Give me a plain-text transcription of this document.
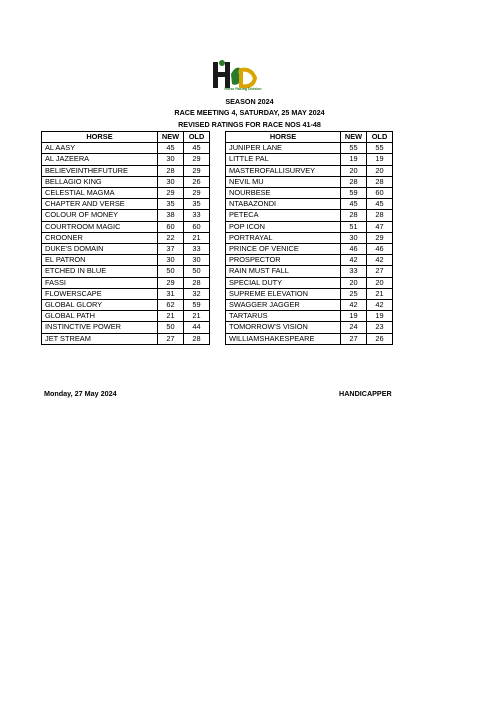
Horse Racing Division
SEASON 2024
RACE MEETING 4, SATURDAY, 25 MAY 2024
REVISED RATINGS FOR RACE NOS 41-48
HORSE	NEW	OLD
AL AASY	45	45
AL JAZEERA	30	29
BELIEVEINTHEFUTURE	28	29
BELLAGIO KING	30	26
CELESTIAL MAGMA	29	29
CHAPTER AND VERSE	35	35
COLOUR OF MONEY	38	33
COURTROOM MAGIC	60	60
CROONER	22	21
DUKE'S DOMAIN	37	33
EL PATRON	30	30
ETCHED IN BLUE	50	50
FASSI	29	28
FLOWERSCAPE	31	32
GLOBAL GLORY	62	59
GLOBAL PATH	21	21
INSTINCTIVE POWER	50	44
JET STREAM	27	28
HORSE	NEW	OLD
JUNIPER LANE	55	55
LITTLE PAL	19	19
MASTEROFALLISURVEY	20	20
NEVIL MU	28	28
NOURBESE	59	60
NTABAZONDI	45	45
PETECA	28	28
POP ICON	51	47
PORTRAYAL	30	29
PRINCE OF VENICE	46	46
PROSPECTOR	42	42
RAIN MUST FALL	33	27
SPECIAL DUTY	20	20
SUPREME ELEVATION	25	21
SWAGGER JAGGER	42	42
TARTARUS	19	19
TOMORROW'S VISION	24	23
WILLIAMSHAKESPEARE	27	26
Monday, 27 May 2024	HANDICAPPER
